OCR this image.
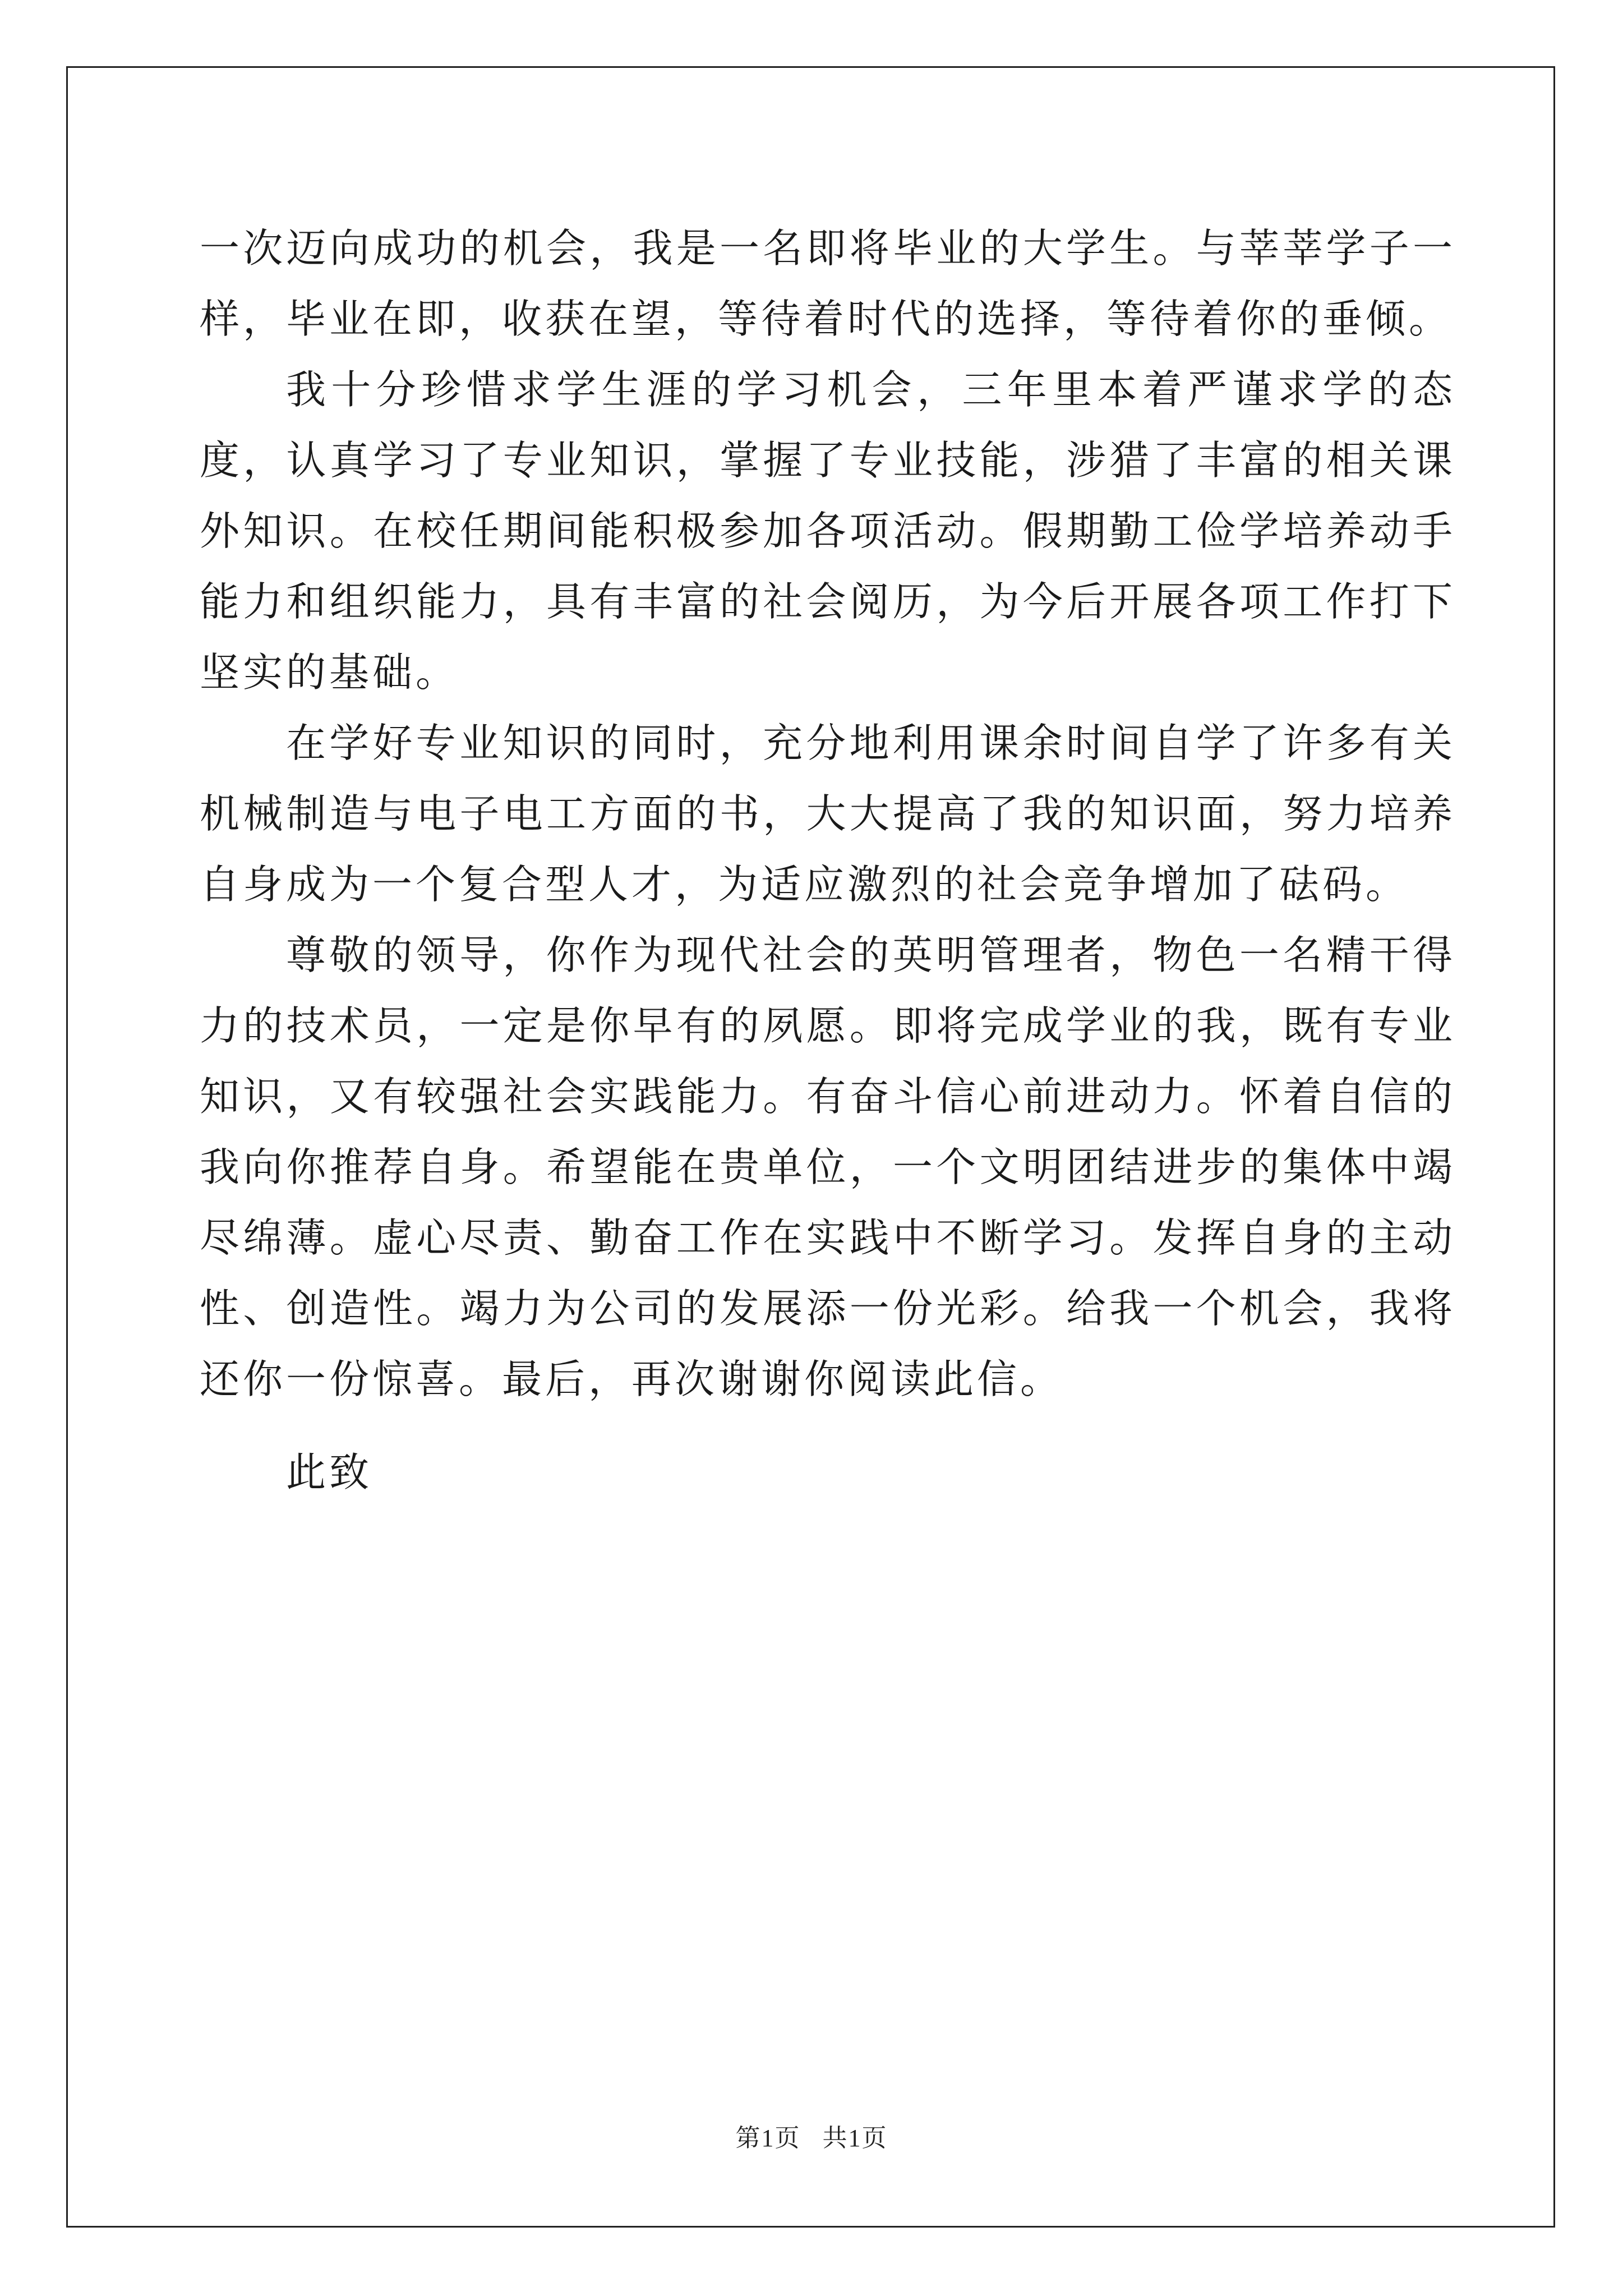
一次迈向成功的机会，我是一名即将毕业的大学生。与莘莘学子一样，毕业在即，收获在望，等待着时代的选择，等待着你的垂倾。

我十分珍惜求学生涯的学习机会，三年里本着严谨求学的态度，认真学习了专业知识，掌握了专业技能，涉猎了丰富的相关课外知识。在校任期间能积极参加各项活动。假期勤工俭学培养动手能力和组织能力，具有丰富的社会阅历，为今后开展各项工作打下坚实的基础。

在学好专业知识的同时，充分地利用课余时间自学了许多有关机械制造与电子电工方面的书，大大提高了我的知识面，努力培养自身成为一个复合型人才，为适应激烈的社会竞争增加了砝码。

尊敬的领导，你作为现代社会的英明管理者，物色一名精干得力的技术员，一定是你早有的夙愿。即将完成学业的我，既有专业知识，又有较强社会实践能力。有奋斗信心前进动力。怀着自信的我向你推荐自身。希望能在贵单位，一个文明团结进步的集体中竭尽绵薄。虚心尽责、勤奋工作在实践中不断学习。发挥自身的主动性、创造性。竭力为公司的发展添一份光彩。给我一个机会，我将还你一份惊喜。最后，再次谢谢你阅读此信。

此致

第1页 共1页
